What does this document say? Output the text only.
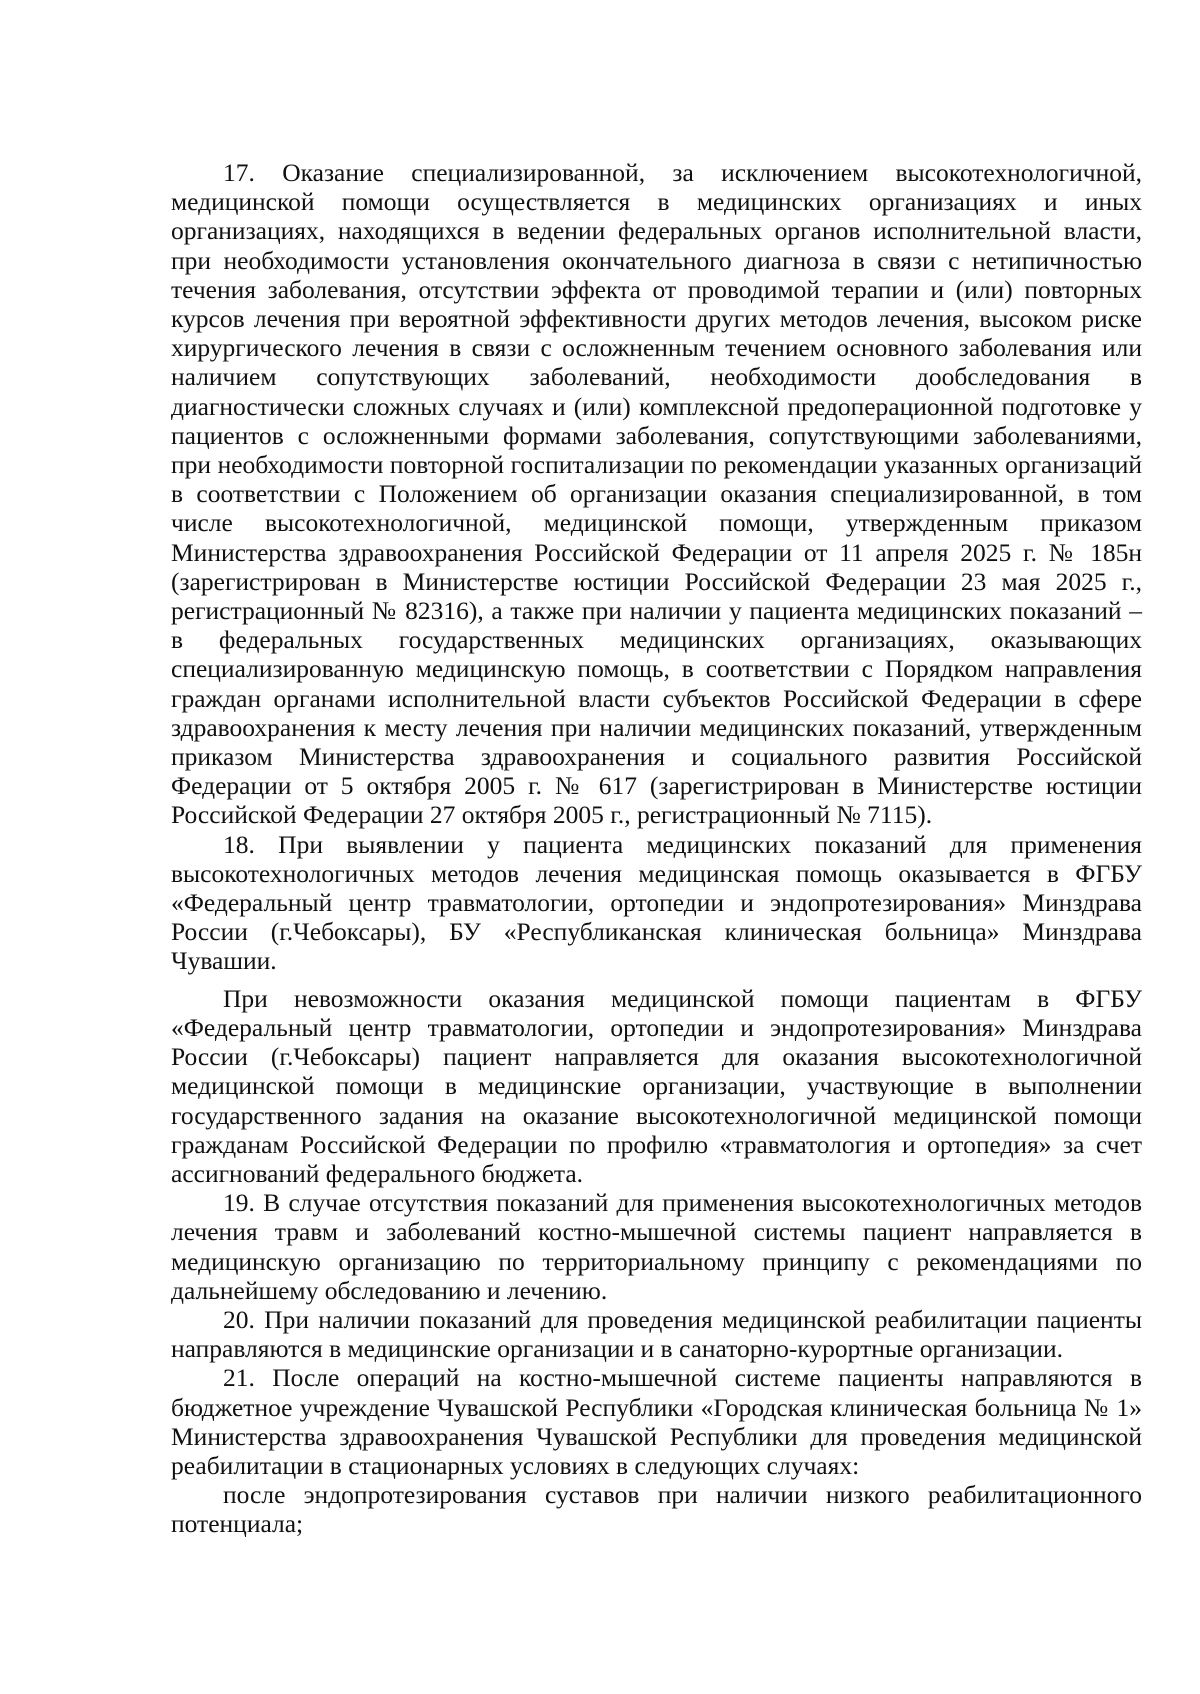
17. Оказание специализированной, за исключением высокотехнологичной, медицинской помощи осуществляется в медицинских организациях и иных организациях, находящихся в ведении федеральных органов исполнительной власти, при необходимости установления окончательного диагноза в связи с нетипичностью течения заболевания, отсутствии эффекта от проводимой терапии и (или) повторных курсов лечения при вероятной эффективности других методов лечения, высоком риске хирургического лечения в связи с осложненным течением основного заболевания или наличием сопутствующих заболеваний, необходимости дообследования в диагностически сложных случаях и (или) комплексной предоперационной подготовке у пациентов с осложненными формами заболевания, сопутствующими заболеваниями, при необходимости повторной госпитализации по рекомендации указанных организаций в соответствии с Положением об организации оказания специализированной, в том числе высокотехнологичной, медицинской помощи, утвержденным приказом Министерства здравоохранения Российской Федерации от 11 апреля 2025 г. № 185н (зарегистрирован в Министерстве юстиции Российской Федерации 23 мая 2025 г., регистрационный № 82316), а также при наличии у пациента медицинских показаний – в федеральных государственных медицинских организациях, оказывающих специализированную медицинскую помощь, в соответствии с Порядком направления граждан органами исполнительной власти субъектов Российской Федерации в сфере здравоохранения к месту лечения при наличии медицинских показаний, утвержденным приказом Министерства здравоохранения и социального развития Российской Федерации от 5 октября 2005 г. № 617 (зарегистрирован в Министерстве юстиции Российской Федерации 27 октября 2005 г., регистрационный № 7115).

18. При выявлении у пациента медицинских показаний для применения высокотехнологичных методов лечения медицинская помощь оказывается в ФГБУ «Федеральный центр травматологии, ортопедии и эндопротезирования» Минздрава России (г.Чебоксары), БУ «Республиканская клиническая больница» Минздрава Чувашии.

При невозможности оказания медицинской помощи пациентам в ФГБУ «Федеральный центр травматологии, ортопедии и эндопротезирования» Минздрава России (г.Чебоксары) пациент направляется для оказания высокотехнологичной медицинской помощи в медицинские организации, участвующие в выполнении государственного задания на оказание высокотехнологичной медицинской помощи гражданам Российской Федерации по профилю «травматология и ортопедия» за счет ассигнований федерального бюджета.

19. В случае отсутствия показаний для применения высокотехнологичных методов лечения травм и заболеваний костно-мышечной системы пациент направляется в медицинскую организацию по территориальному принципу с рекомендациями по дальнейшему обследованию и лечению.

20. При наличии показаний для проведения медицинской реабилитации пациенты направляются в медицинские организации и в санаторно-курортные организации.

21. После операций на костно-мышечной системе пациенты направляются в бюджетное учреждение Чувашской Республики «Городская клиническая больница № 1» Министерства здравоохранения Чувашской Республики для проведения медицинской реабилитации в стационарных условиях в следующих случаях:

после эндопротезирования суставов при наличии низкого реабилитационного потенциала;
